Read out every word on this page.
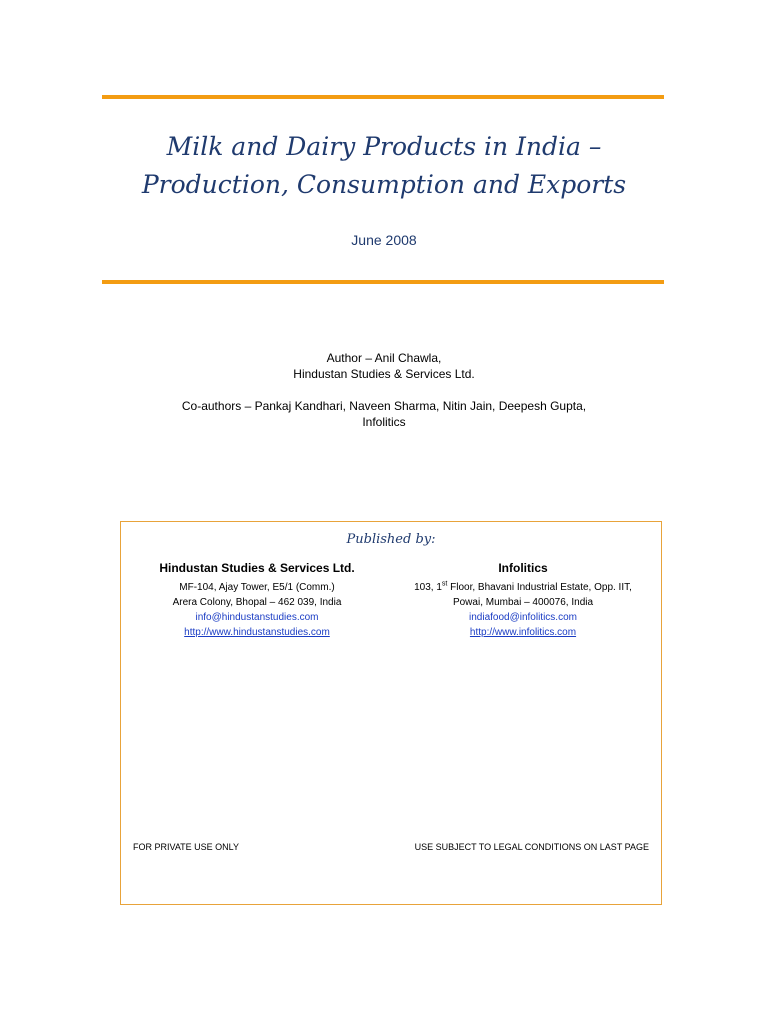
Milk and Dairy Products in India –
Production, Consumption and Exports
June 2008
Author – Anil Chawla,
Hindustan Studies & Services Ltd.
Co-authors – Pankaj Kandhari, Naveen Sharma, Nitin Jain, Deepesh Gupta,
Infolitics
Published by:
Hindustan Studies & Services Ltd.
MF-104, Ajay Tower, E5/1 (Comm.)
Arera Colony, Bhopal – 462 039, India
info@hindustanstudies.com
http://www.hindustanstudies.com
Infolitics
103, 1st Floor, Bhavani Industrial Estate, Opp. IIT,
Powai, Mumbai – 400076, India
indiafood@infolitics.com
http://www.infolitics.com
FOR PRIVATE USE ONLY	USE SUBJECT TO LEGAL CONDITIONS ON LAST PAGE
